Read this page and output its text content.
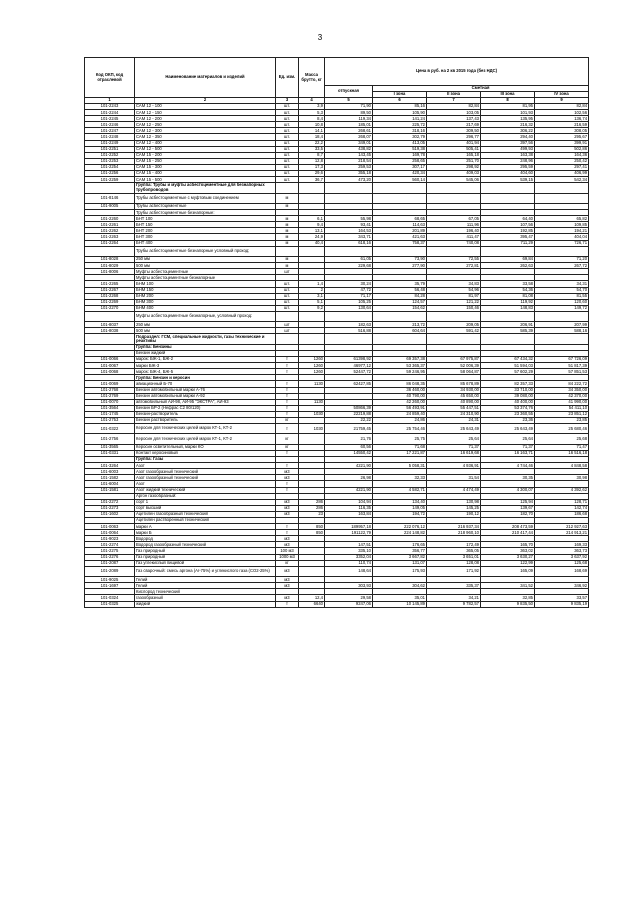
3
Код ОКП, код отраслевой	Наименование материалов и изделий	Ед. изм.	Масса брутто, кг	Цена в руб. на 2 кв 2015 года (без НДС)				
				отпускная	Сметная			
					I зона	II зона	III зона	IV зона
1	2	3	4	5	6	7	8	9
101-2243	САМ 12 - 100	шт.	3,9	71,90	85,16	82,84	81,95	82,84
101-2244	САМ 12 - 150	шт.	5,3	89,50	105,90	103,05	101,93	102,56
101-2245	САМ 12 - 200	шт.	8,4	119,34	141,24	137,43	135,95	136,74
101-2246	САМ 12 - 250	шт.	10,8	185,01	225,72	217,69	216,32	216,59
101-2247	САМ 12 - 300	шт.	14,1	268,61	318,16	309,50	306,22	308,05
101-2248	САМ 12 - 350	шт.	18,4	268,07	302,79	296,77	294,40	295,67
101-2249	САМ 12 - 400	шт.	22,2	349,01	413,05	401,94	397,56	399,91
101-2251	САМ 12 - 500	шт.	33,5	438,82	519,38	505,41	499,93	502,86
101-2252	САМ 15 - 200	шт.	8,7	143,45	169,78	165,18	163,38	164,36
101-2253	САМ 15 - 250	шт.	12,8	218,54	258,65	251,70	248,96	250,42
101-2254	САМ 15 - 300	шт.	17,3	259,53	307,17	298,92	295,59	297,41
101-2256	САМ 15 - 400	шт.	29,6	355,18	420,34	409,03	404,60	406,99
101-2259	САМ 15 - 500	шт.	36,7	473,20	560,14	545,06	539,15	542,34
	Группа: Трубы и муфты асбестоцементные для безнапорных трубопроводов							
101-8146	Трубы асбестоцементные с муфтовым соединением	м						
101-9005	Трубы асбестоцементные	м						
	Трубы асбестоцементные безнапорные:							
101-2260	БНТ 100	м	6,1	55,98	68,65	67,05	64,40	65,82
101-2261	БНТ 150	м	9,4	93,41	114,63	111,96	107,56	109,85
101-2262	БНТ 200	м	13,1	164,53	201,89	196,40	192,85	194,21
101-2263	БНТ 300	м	24,9	343,71	421,63	411,47	395,47	404,04
101-2264	БНТ 400	м	40,4	618,16	758,37	740,08	711,29	726,71
	Трубы асбестоцементные безнапорные условный проход:							
101-8028	250 мм	м		61,05	73,90	72,55	69,84	71,20
101-8029	500 мм	м		229,68	277,90	272,81	262,63	267,72
101-8006	Муфты асбестоцементные	шт						
	Муфты асбестоцементные безнапорные							
101-2265	БНМ 100	шт.	1,4	30,24	35,79	34,83	33,58	34,31
101-2267	БНМ 150	шт.	2	47,72	56,48	54,96	54,36	54,70
101-2268	БНМ 200	шт.	3,1	71,17	84,28	81,97	81,08	81,55
101-2269	БНМ 300	шт.	5,1	105,25	124,57	121,22	119,92	120,60
101-2270	БНМ 400	шт.	9,2	130,64	154,62	150,46	148,83	149,72
	Муфты асбестоцементные безнапорные, условный проход:							
101-8037	250 мм	шт		182,63	213,72	209,05	206,91	207,99
101-8038	500 мм	шт		516,88	604,64	591,42	585,39	588,16
	Подраздел: ГСМ, специальные жидкости, газы технические и реактивы							
	Группа: Бензины							
	Бензин жидкий							
101-0066	марок: БЖ-1, БЖ-2	т	1260	61398,92	69 357,38	67 975,87	67 434,32	67 726,09
101-0067	марки БЖ-3	т	1260	46977,12	53 365,37	52 006,39	51 594,03	51 817,39
101-0068	марок: БЖ-4, БЖ-5	т	1260	52447,72	59 246,95	58 064,87	57 602,29	57 851,53
	Группа: Бензин и керосин							
101-0069	авиационный Б-70	т	1130	62427,85	86 048,35	85 678,89	82 357,33	84 222,72
101-2768	Бензин автомобильный марки А-76	т			36 460,00	34 930,00	33 710,00	34 350,00
101-2769	Бензин автомобильный марки А-92	т			40 790,00	45 650,00	39 080,00	42 370,00
101-0070	автомобильный АИ-98, АИ-95 "ЭКСТРА", АИ-93	т	1130		42 260,00	40 890,00	40 400,00	41 990,00
101-3564	Бензин БР-2 (Нефрас С2 80/120)	т		50866,39	56 493,91	55 447,51	53 374,76	54 411,10
101-1745	Бензин-растворитель	т	1030	22219,88	24 859,40	24 310,90	23 360,55	23 851,12
101-2753	Бензин растворитель	кг		22,22	24,86	24,31	23,36	23,85
101-0322	Керосин для технических целей марок КТ-1, КТ-2	т	1030	21759,45	25 754,46	25 643,49	25 643,49	25 680,46
101-2756	Керосин для технических целей марок КТ-1, КТ-2	кг		21,76	25,75	25,64	25,64	25,68
101-3565	Керосин осветительный, марки КО	кг		60,56	71,68	71,37	71,37	71,47
101-0331	Контакт керосиновый	т		14550,42	17 221,87	16 619,68	16 163,71	16 516,18
	Группа: Газы							
101-3264	Азот	т		4221,90	5 058,31	4 936,91	4 744,46	4 848,58
101-6003	Азот газообразный технический	м3						
101-1582	Азот газообразный технический	м3		26,98	32,33	31,54	30,35	30,98
101-6004	Азот	т						
101-1581	Азот жидкий технический	т		4221,90	4 582,71	4 474,49	4 300,07	4 392,62
	Аргон газообразный:							
101-2272	сорт 1	м3	286	104,94	134,40	130,98	125,94	128,71
101-2273	сорт высший	м3	286	116,35	149,05	145,25	139,67	142,74
101-1602	Ацетилен газообразный технический	м3	23	163,84	194,72	190,12	182,70	186,68
	Ацетилен растворенный технический							
101-0063	марки А	т	850	189957,18	222 076,12	216 937,34	208 473,59	212 927,63
101-0064	марки Б	т	850	191122,79	224 148,82	218 960,10	210 417,44	214 913,21
101-9023	Водород	м3						
101-2274	Водород газообразный технический	м3		147,51	176,65	172,49	165,70	169,33
101-2275	Газ природный	100 м3		335,10	356,77	365,05	363,02	363,73
101-2276	Газ природный	1000 м3		3352,04	3 667,82	3 651,01	3 630,27	3 637,92
101-2087	Газ углекислый пищевой	кг		110,74	131,07	128,08	122,99	125,68
101-2089	Газ сварочный: смесь аргона (Ar-75%) и углекислого газа (CO2-25%)	м3		148,64	175,93	171,92	165,09	168,69
101-9025	Гелий	м3						
101-1697	Гелий	м3		303,93	304,62	335,37	341,52	346,92
	Кислород технический							
101-0324	газообразный	м3	12,4	29,58	35,01	34,21	32,85	33,57
101-0325	жидкий	т	6640	9247,06	10 145,89	9 782,57	9 835,50	9 835,19
